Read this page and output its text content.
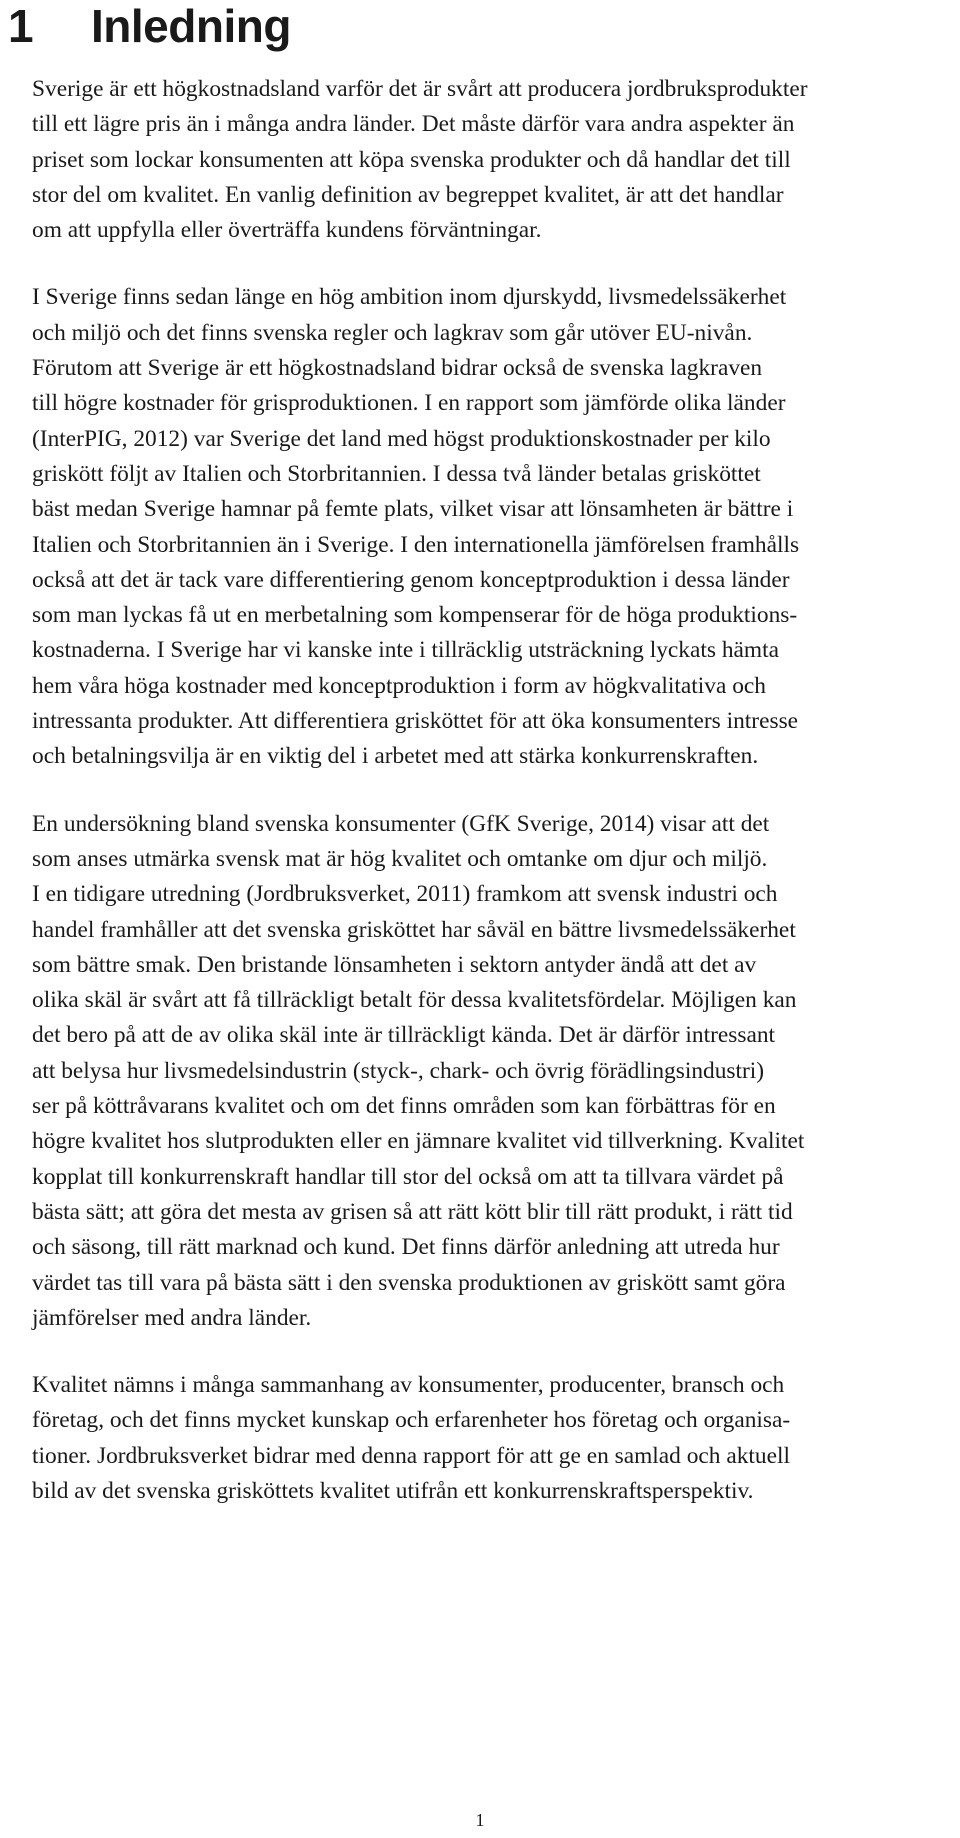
1	Inledning

Sverige är ett högkostnadsland varför det är svårt att producera jordbruksprodukter
till ett lägre pris än i många andra länder. Det måste därför vara andra aspekter än
priset som lockar konsumenten att köpa svenska produkter och då handlar det till
stor del om kvalitet. En vanlig definition av begreppet kvalitet, är att det handlar
om att uppfylla eller överträffa kundens förväntningar.

I Sverige finns sedan länge en hög ambition inom djurskydd, livsmedelssäkerhet
och miljö och det finns svenska regler och lagkrav som går utöver EU-nivån.
Förutom att Sverige är ett högkostnadsland bidrar också de svenska lagkraven
till högre kostnader för grisproduktionen. I en rapport som jämförde olika länder
(InterPIG, 2012) var Sverige det land med högst produktionskostnader per kilo
griskött följt av Italien och Storbritannien. I dessa två länder betalas grisköttet
bäst medan Sverige hamnar på femte plats, vilket visar att lönsamheten är bättre i
Italien och Storbritannien än i Sverige. I den internationella jämförelsen framhålls
också att det är tack vare differentiering genom konceptproduktion i dessa länder
som man lyckas få ut en merbetalning som kompenserar för de höga produktions-
kostnaderna. I Sverige har vi kanske inte i tillräcklig utsträckning lyckats hämta
hem våra höga kostnader med konceptproduktion i form av högkvalitativa och
intressanta produkter. Att differentiera grisköttet för att öka konsumenters intresse
och betalningsvilja är en viktig del i arbetet med att stärka konkurrenskraften.

En undersökning bland svenska konsumenter (GfK Sverige, 2014) visar att det
som anses utmärka svensk mat är hög kvalitet och omtanke om djur och miljö.
I en tidigare utredning (Jordbruksverket, 2011) framkom att svensk industri och
handel framhåller att det svenska grisköttet har såväl en bättre livsmedelssäkerhet
som bättre smak. Den bristande lönsamheten i sektorn antyder ändå att det av
olika skäl är svårt att få tillräckligt betalt för dessa kvalitetsfördelar. Möjligen kan
det bero på att de av olika skäl inte är tillräckligt kända. Det är därför intressant
att belysa hur livsmedelsindustrin (styck-, chark- och övrig förädlingsindustri)
ser på köttråvarans kvalitet och om det finns områden som kan förbättras för en
högre kvalitet hos slutprodukten eller en jämnare kvalitet vid tillverkning. Kvalitet
kopplat till konkurrenskraft handlar till stor del också om att ta tillvara värdet på
bästa sätt; att göra det mesta av grisen så att rätt kött blir till rätt produkt, i rätt tid
och säsong, till rätt marknad och kund. Det finns därför anledning att utreda hur
värdet tas till vara på bästa sätt i den svenska produktionen av griskött samt göra
jämförelser med andra länder.

Kvalitet nämns i många sammanhang av konsumenter, producenter, bransch och
företag, och det finns mycket kunskap och erfarenheter hos företag och organisa-
tioner. Jordbruksverket bidrar med denna rapport för att ge en samlad och aktuell
bild av det svenska grisköttets kvalitet utifrån ett konkurrenskraftsperspektiv.

1
